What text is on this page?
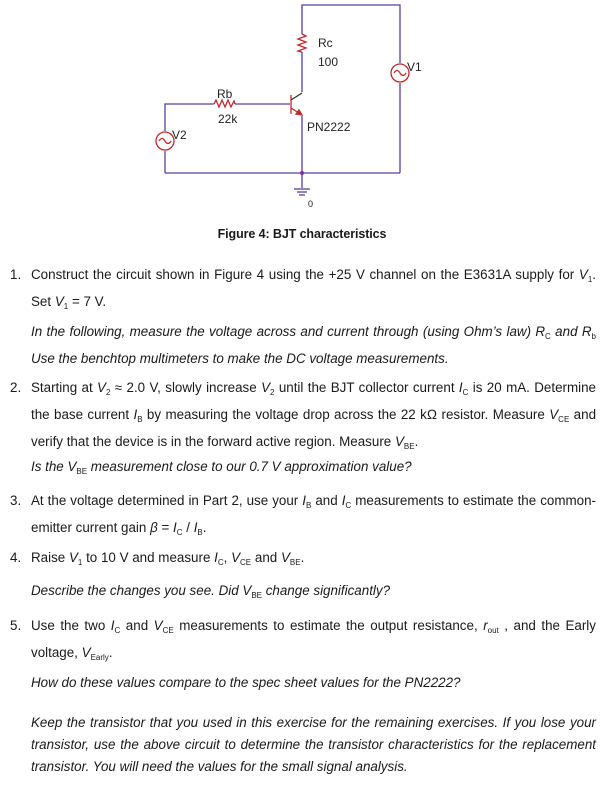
Rc
100
Rb
22k
PN2222
V1
V2
0
Figure 4: BJT characteristics
1. Construct the circuit shown in Figure 4 using the +25 V channel on the E3631A supply for $V_1$. Set $V_1 = 7$ V.
In the following, measure the voltage across and current through (using Ohm’s law) $R_C$ and $R_b$ Use the benchtop multimeters to make the DC voltage measurements.
2. Starting at $V_2 \approx 2.0$ V, slowly increase $V_2$ until the BJT collector current $I_C$ is 20 mA. Determine the base current $I_B$ by measuring the voltage drop across the 22 kΩ resistor. Measure $V_{CE}$ and verify that the device is in the forward active region. Measure $V_{BE}$.
Is the $V_{BE}$ measurement close to our 0.7 V approximation value?
3. At the voltage determined in Part 2, use your $I_B$ and $I_C$ measurements to estimate the common-emitter current gain $\beta = I_C / I_B$.
4. Raise $V_1$ to 10 V and measure $I_C$, $V_{CE}$ and $V_{BE}$.
Describe the changes you see. Did $V_{BE}$ change significantly?
5. Use the two $I_C$ and $V_{CE}$ measurements to estimate the output resistance, $r_{out}$ , and the Early voltage, $V_{Early}$.
How do these values compare to the spec sheet values for the PN2222?
Keep the transistor that you used in this exercise for the remaining exercises. If you lose your transistor, use the above circuit to determine the transistor characteristics for the replacement transistor. You will need the values for the small signal analysis.
